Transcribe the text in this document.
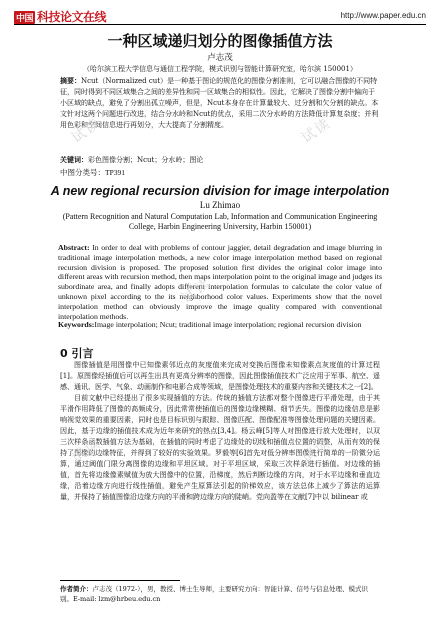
中国 科技论文在线	http://www.paper.edu.cn
一种区域递归划分的图像插值方法
卢志茂
（哈尔滨工程大学信息与通信工程学院，模式识别与智能计算研究室，哈尔滨 150001）
摘要：Ncut（Normalized cut）是一种基于图论的规范化的图像分割准则，它可以融合图像的不同特征，同时得到不同区域集合之间的差异性和同一区域集合的相似性。因此，它解决了图像分割中偏向于小区域的缺点，避免了分割出孤立噪声，但是，Ncut本身存在计算量较大、过分割和欠分割的缺点。本文针对这两个问题进行改进，结合分水岭和Ncut的优点，采用二次分水岭的方法降低计算复杂度；并利用色彩和空间信息进行再划分，大大提高了分割精度。
关键词：彩色图像分割；Ncut；分水岭；图论
中图分类号：TP391
A new regional recursion division for image interpolation
Lu Zhimao
(Pattern Recognition and Natural Computation Lab, Information and Communication Engineering College, Harbin Engineering University, Harbin 150001)
Abstract: In order to deal with problems of contour jaggier, detail degradation and image blurring in traditional image interpolation methods, a new color image interpolation method based on regional recursion division is proposed. The proposed solution first divides the original color image into different areas with recursion method, then maps interpolation point to the original image and judges its subordinate area, and finally adopts different interpolation formulas to calculate the color value of unknown pixel according to the its neighborhood color values. Experiments show that the novel interpolation method can obviously improve the image quality compared with conventional interpolation methods.
Keywords:Image interpolation; Ncut; traditional image interpolation; regional recursion division
0 引言

图像插值是用图像中已知像素邻近点的灰度值来完成对变换后图像未知像素点灰度值的计算过程[1]。原图像经插值后可以再生出具有更高分辨率的图像，因此图像插值技术广泛应用于军事、航空、遥感、通讯、医学、气象、动画制作和电影合成等领域，是图像处理技术的重要内容和关键技术之一[2]。

目前文献中已经提出了很多实现插值的方法。传统的插值方法都对整个图像进行平滑处理，由于其平滑作用降低了图像的高频成分，因此常常使插值后的图像边缘模糊、细节丢失。图像的边缘信息是影响视觉效果的重要因素，同时也是目标识别与跟踪、图像匹配、图像配准等图像处理问题的关键因素。因此，基于边缘的插值技术成为近年来研究的热点[3,4]。杨云峰[5]等人对图像进行放大处理时，以双三次样条函数插值方法为基础，在插值的同时考虑了边缘处的切线和插值点位置的调整，从而有效的保持了图像的边缘特征，并得到了较好的实验效果。罗毅等[6]首先对低分辨率图像进行简单的一阶微分运算，通过阈值门限分离图像的边缘和平坦区域。对于平坦区域，采取三次样条进行插值。对边缘的插值，首先将边缘像素赋值为放大图像中的位置，沿梯度，然后判断边缘的方向，对于水平边缘和垂直边缘，沿着边缘方向进行线性插值，避免产生原算法引起的阶梯效应，该方法总体上减少了算法的运算量，并保持了插值图像沿边缘方向的平滑和跨边缘方向的陡峭。党向盈等在文献[7]中以 bilinear 或

作者简介：卢志茂（1972-），男，教授、博士生导师，主要研究方向：智能计算、信号与信息处理、模式识别。E-mail: lzm@hrbeu.edu.cn
试读	试读
试读
试读	试读
